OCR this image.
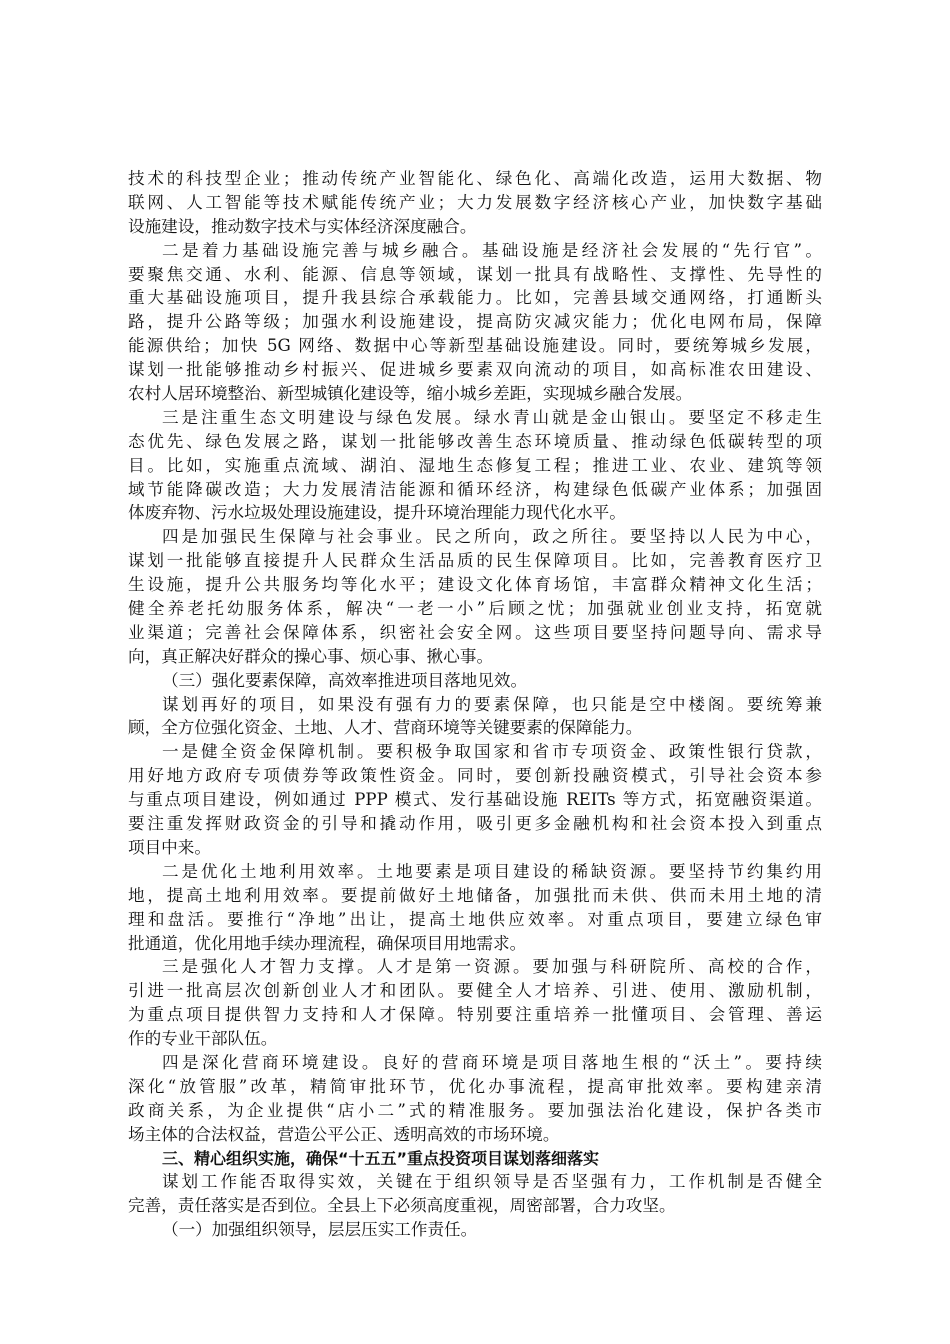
技术的科技型企业；推动传统产业智能化、绿色化、高端化改造，运用大数据、物
联网、人工智能等技术赋能传统产业；大力发展数字经济核心产业，加快数字基础
设施建设，推动数字技术与实体经济深度融合。
二是着力基础设施完善与城乡融合。基础设施是经济社会发展的“先行官”。
要聚焦交通、水利、能源、信息等领域，谋划一批具有战略性、支撑性、先导性的
重大基础设施项目，提升我县综合承载能力。比如，完善县域交通网络，打通断头
路，提升公路等级；加强水利设施建设，提高防灾减灾能力；优化电网布局，保障
能源供给；加快 5G 网络、数据中心等新型基础设施建设。同时，要统筹城乡发展，
谋划一批能够推动乡村振兴、促进城乡要素双向流动的项目，如高标准农田建设、
农村人居环境整治、新型城镇化建设等，缩小城乡差距，实现城乡融合发展。
三是注重生态文明建设与绿色发展。绿水青山就是金山银山。要坚定不移走生
态优先、绿色发展之路，谋划一批能够改善生态环境质量、推动绿色低碳转型的项
目。比如，实施重点流域、湖泊、湿地生态修复工程；推进工业、农业、建筑等领
域节能降碳改造；大力发展清洁能源和循环经济，构建绿色低碳产业体系；加强固
体废弃物、污水垃圾处理设施建设，提升环境治理能力现代化水平。
四是加强民生保障与社会事业。民之所向，政之所往。要坚持以人民为中心，
谋划一批能够直接提升人民群众生活品质的民生保障项目。比如，完善教育医疗卫
生设施，提升公共服务均等化水平；建设文化体育场馆，丰富群众精神文化生活；
健全养老托幼服务体系，解决“一老一小”后顾之忧；加强就业创业支持，拓宽就
业渠道；完善社会保障体系，织密社会安全网。这些项目要坚持问题导向、需求导
向，真正解决好群众的操心事、烦心事、揪心事。
（三）强化要素保障，高效率推进项目落地见效。
谋划再好的项目，如果没有强有力的要素保障，也只能是空中楼阁。要统筹兼
顾，全方位强化资金、土地、人才、营商环境等关键要素的保障能力。
一是健全资金保障机制。要积极争取国家和省市专项资金、政策性银行贷款，
用好地方政府专项债券等政策性资金。同时，要创新投融资模式，引导社会资本参
与重点项目建设，例如通过 PPP 模式、发行基础设施 REITs 等方式，拓宽融资渠道。
要注重发挥财政资金的引导和撬动作用，吸引更多金融机构和社会资本投入到重点
项目中来。
二是优化土地利用效率。土地要素是项目建设的稀缺资源。要坚持节约集约用
地，提高土地利用效率。要提前做好土地储备，加强批而未供、供而未用土地的清
理和盘活。要推行“净地”出让，提高土地供应效率。对重点项目，要建立绿色审
批通道，优化用地手续办理流程，确保项目用地需求。
三是强化人才智力支撑。人才是第一资源。要加强与科研院所、高校的合作，
引进一批高层次创新创业人才和团队。要健全人才培养、引进、使用、激励机制，
为重点项目提供智力支持和人才保障。特别要注重培养一批懂项目、会管理、善运
作的专业干部队伍。
四是深化营商环境建设。良好的营商环境是项目落地生根的“沃土”。要持续
深化“放管服”改革，精简审批环节，优化办事流程，提高审批效率。要构建亲清
政商关系，为企业提供“店小二”式的精准服务。要加强法治化建设，保护各类市
场主体的合法权益，营造公平公正、透明高效的市场环境。
三、精心组织实施，确保“十五五”重点投资项目谋划落细落实
谋划工作能否取得实效，关键在于组织领导是否坚强有力，工作机制是否健全
完善，责任落实是否到位。全县上下必须高度重视，周密部署，合力攻坚。
（一）加强组织领导，层层压实工作责任。
